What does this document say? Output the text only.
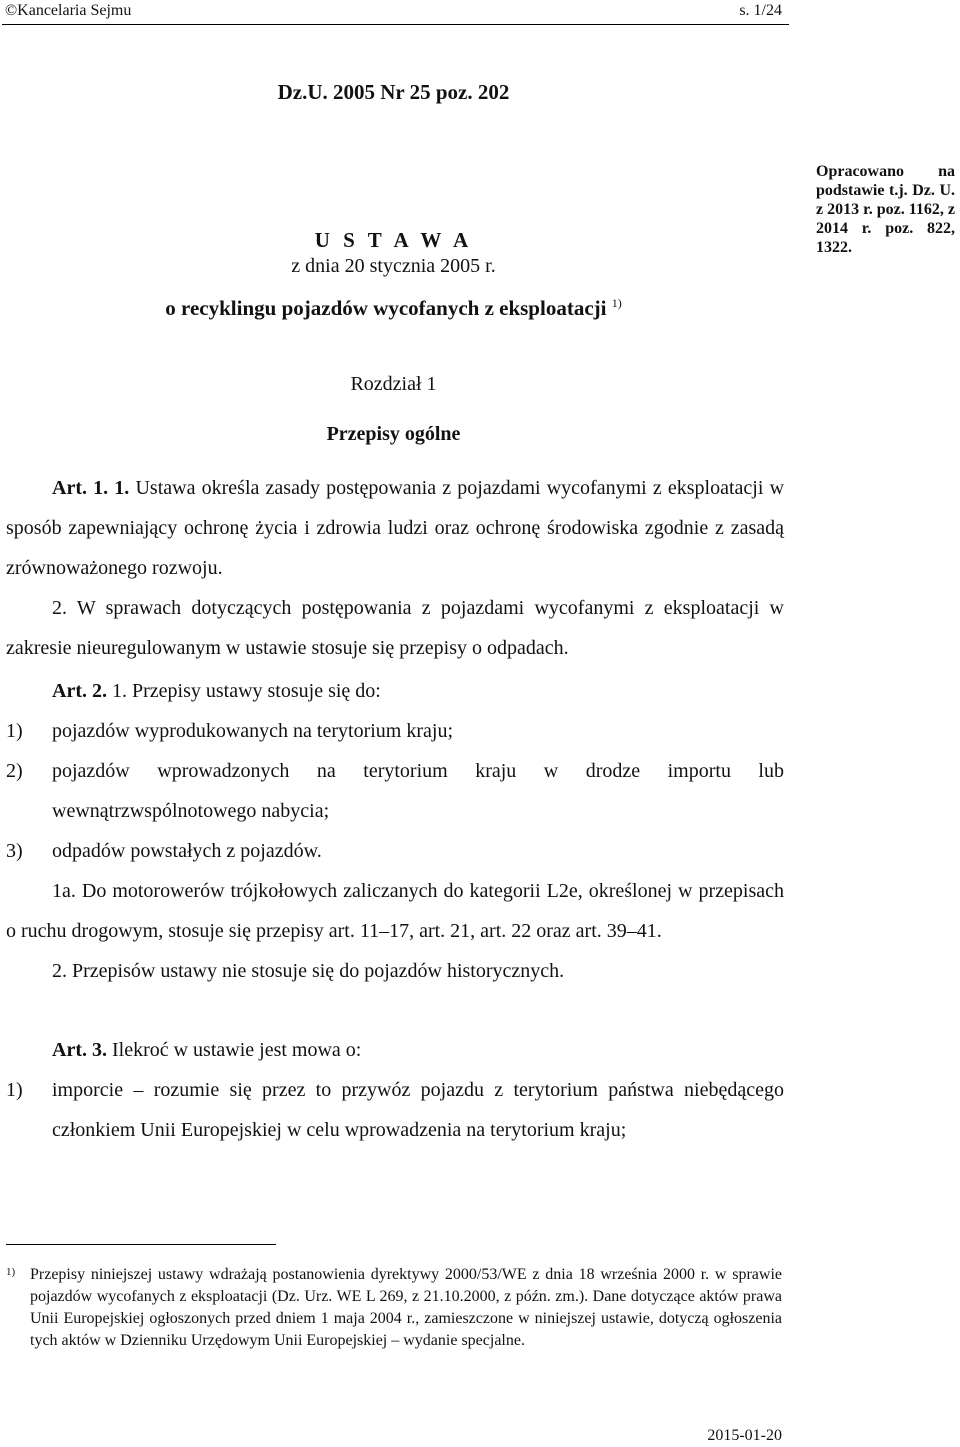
©Kancelaria Sejmu	s. 1/24
Dz.U. 2005 Nr 25 poz. 202
U S T A W A
z dnia 20 stycznia 2005 r.
o recyklingu pojazdów wycofanych z eksploatacji $^{1)}$
Opracowano na podstawie t.j. Dz. U. z 2013 r. poz. 1162, z 2014 r. poz. 822, 1322.
Rozdział 1
Przepisy ogólne

Art. 1. 1. Ustawa określa zasady postępowania z pojazdami wycofanymi z eksploatacji w sposób zapewniający ochronę życia i zdrowia ludzi oraz ochronę środowiska zgodnie z zasadą zrównoważonego rozwoju.

2. W sprawach dotyczących postępowania z pojazdami wycofanymi z eksploatacji w zakresie nieuregulowanym w ustawie stosuje się przepisy o odpadach.

Art. 2. 1. Przepisy ustawy stosuje się do:

1)	pojazdów wyprodukowanych na terytorium kraju;
2)	pojazdów wprowadzonych na terytorium kraju w drodze importu lub wewnątrzwspólnotowego nabycia;
3)	odpadów powstałych z pojazdów.

1a. Do motorowerów trójkołowych zaliczanych do kategorii L2e, określonej w przepisach o ruchu drogowym, stosuje się przepisy art. 11–17, art. 21, art. 22 oraz art. 39–41.

2. Przepisów ustawy nie stosuje się do pojazdów historycznych.

Art. 3. Ilekroć w ustawie jest mowa o:

1)	imporcie – rozumie się przez to przywóz pojazdu z terytorium państwa niebędącego członkiem Unii Europejskiej w celu wprowadzenia na terytorium kraju;
1) Przepisy niniejszej ustawy wdrażają postanowienia dyrektywy 2000/53/WE z dnia 18 września 2000 r. w sprawie pojazdów wycofanych z eksploatacji (Dz. Urz. WE L 269, z 21.10.2000, z późn. zm.). Dane dotyczące aktów prawa Unii Europejskiej ogłoszonych przed dniem 1 maja 2004 r., zamieszczone w niniejszej ustawie, dotyczą ogłoszenia tych aktów w Dzienniku Urzędowym Unii Europejskiej – wydanie specjalne.
2015-01-20
